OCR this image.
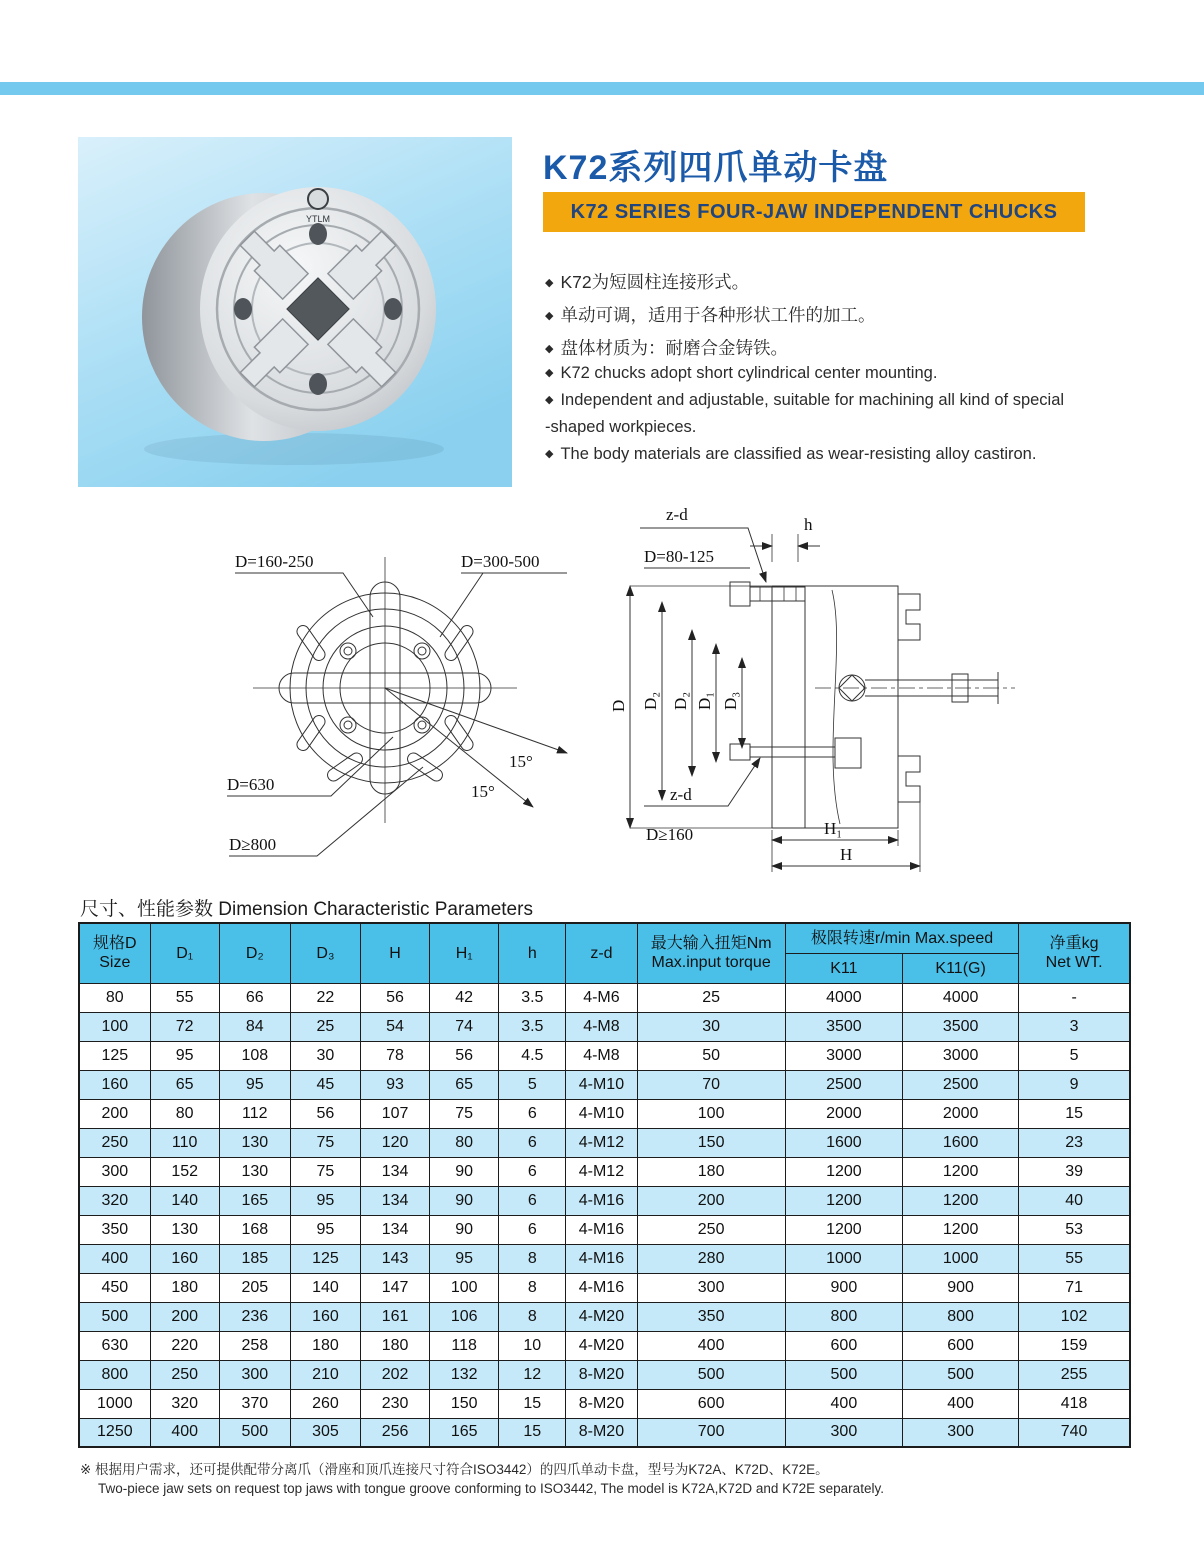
YTLM
K72系列四爪单动卡盘
K72 SERIES FOUR-JAW INDEPENDENT CHUCKS
◆ K72为短圆柱连接形式。
◆ 单动可调，适用于各种形状工件的加工。
◆ 盘体材质为：耐磨合金铸铁。
◆ K72 chucks adopt short cylindrical center mounting.
◆ Independent and adjustable, suitable for machining all kind of special
-shaped workpieces.
◆ The body materials are classified as wear-resisting alloy castiron.
D=160-250	D=300-500
D=630
D≥800
15°
15°
z-d
h
D=80-125
D D₂ D₂ D₁ D₃
z-d
D≥160	H₁
H
尺寸、性能参数 Dimension Characteristic Parameters
规格D
Size
	D₁	D₂	D₃	H	H₁	h	z-d	
最大输入扭矩Nm
Max.input torque
	极限转速r/min Max.speed	净重kg
Net WT.

									K11	K11(G)	
80	55	66	22	56	42	3.5	4-M6	25	4000	4000	-
100	72	84	25	54	74	3.5	4-M8	30	3500	3500	3
125	95	108	30	78	56	4.5	4-M8	50	3000	3000	5
160	65	95	45	93	65	5	4-M10	70	2500	2500	9
200	80	112	56	107	75	6	4-M10	100	2000	2000	15
250	110	130	75	120	80	6	4-M12	150	1600	1600	23
300	152	130	75	134	90	6	4-M12	180	1200	1200	39
320	140	165	95	134	90	6	4-M16	200	1200	1200	40
350	130	168	95	134	90	6	4-M16	250	1200	1200	53
400	160	185	125	143	95	8	4-M16	280	1000	1000	55
450	180	205	140	147	100	8	4-M16	300	900	900	71
500	200	236	160	161	106	8	4-M20	350	800	800	102
630	220	258	180	180	118	10	4-M20	400	600	600	159
800	250	300	210	202	132	12	8-M20	500	500	500	255
1000	320	370	260	230	150	15	8-M20	600	400	400	418
1250	400	500	305	256	165	15	8-M20	700	300	300	740
※ 根据用户需求，还可提供配带分离爪（滑座和顶爪连接尺寸符合ISO3442）的四爪单动卡盘，型号为K72A、K72D、K72E。
Two-piece jaw sets on request top jaws with tongue groove conforming to ISO3442, The model is K72A,K72D and K72E separately.
